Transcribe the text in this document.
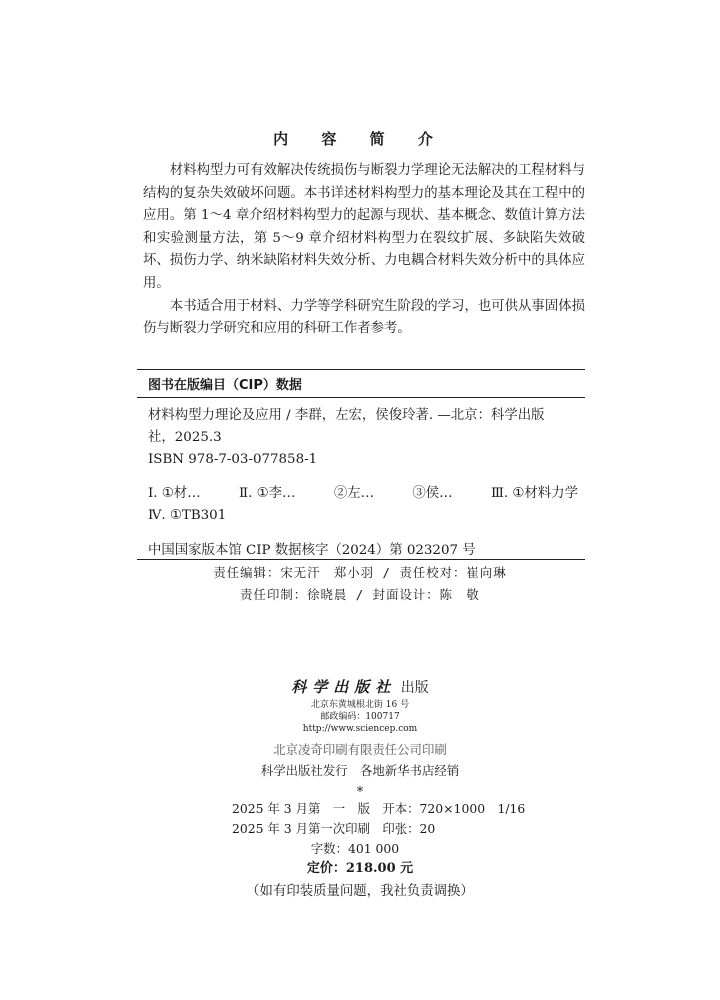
内 容 简 介

材料构型力可有效解决传统损伤与断裂力学理论无法解决的工程材料与结构的复杂失效破坏问题。本书详述材料构型力的基本理论及其在工程中的应用。第 1～4 章介绍材料构型力的起源与现状、基本概念、数值计算方法和实验测量方法，第 5～9 章介绍材料构型力在裂纹扩展、多缺陷失效破坏、损伤力学、纳米缺陷材料失效分析、力电耦合材料失效分析中的具体应用。

本书适合用于材料、力学等学科研究生阶段的学习，也可供从事固体损伤与断裂力学研究和应用的科研工作者参考。

图书在版编目（CIP）数据
材料构型力理论及应用 / 李群，左宏，侯俊玲著. —北京：科学出版
社，2025.3
ISBN 978-7-03-077858-1
Ⅰ. ①材…	Ⅱ. ①李…	②左…	③侯…	Ⅲ. ①材料力学
Ⅳ. ①TB301
中国国家版本馆 CIP 数据核字（2024）第 023207 号
责任编辑：宋无汗　郑小羽 / 责任校对：崔向琳
责任印制：徐晓晨 / 封面设计：陈　敬
科学出版社 出版
北京东黄城根北街 16 号
邮政编码：100717
http://www.sciencep.com
北京凌奇印刷有限责任公司印刷
科学出版社发行　各地新华书店经销
*
2025 年 3 月第　一　版　开本：720×1000　1/16
2025 年 3 月第一次印刷　印张：20
字数：401 000
定价：218.00 元
（如有印装质量问题，我社负责调换）
